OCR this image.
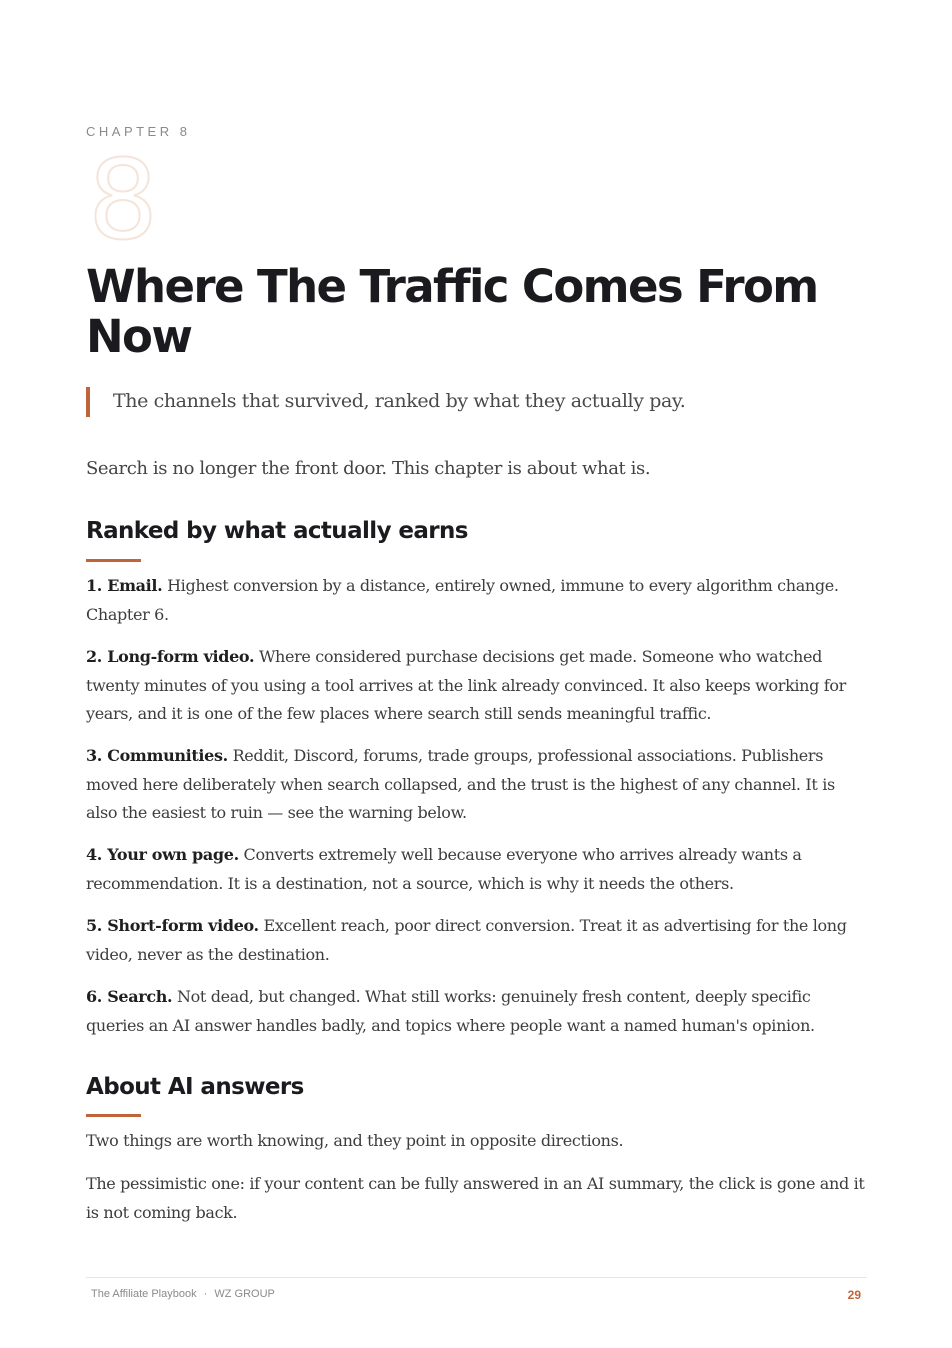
CHAPTER 8

8

Where The Traffic Comes From Now

The channels that survived, ranked by what they actually pay.

Search is no longer the front door. This chapter is about what is.

Ranked by what actually earns

1. Email. Highest conversion by a distance, entirely owned, immune to every algorithm change. Chapter 6.

2. Long-form video. Where considered purchase decisions get made. Someone who watched twenty minutes of you using a tool arrives at the link already convinced. It also keeps working for years, and it is one of the few places where search still sends meaningful traffic.

3. Communities. Reddit, Discord, forums, trade groups, professional associations. Publishers moved here deliberately when search collapsed, and the trust is the highest of any channel. It is also the easiest to ruin — see the warning below.

4. Your own page. Converts extremely well because everyone who arrives already wants a recommendation. It is a destination, not a source, which is why it needs the others.

5. Short-form video. Excellent reach, poor direct conversion. Treat it as advertising for the long video, never as the destination.

6. Search. Not dead, but changed. What still works: genuinely fresh content, deeply specific queries an AI answer handles badly, and topics where people want a named human's opinion.

About AI answers

Two things are worth knowing, and they point in opposite directions.

The pessimistic one: if your content can be fully answered in an AI summary, the click is gone and it is not coming back.

The Affiliate Playbook · WZ GROUP	29
